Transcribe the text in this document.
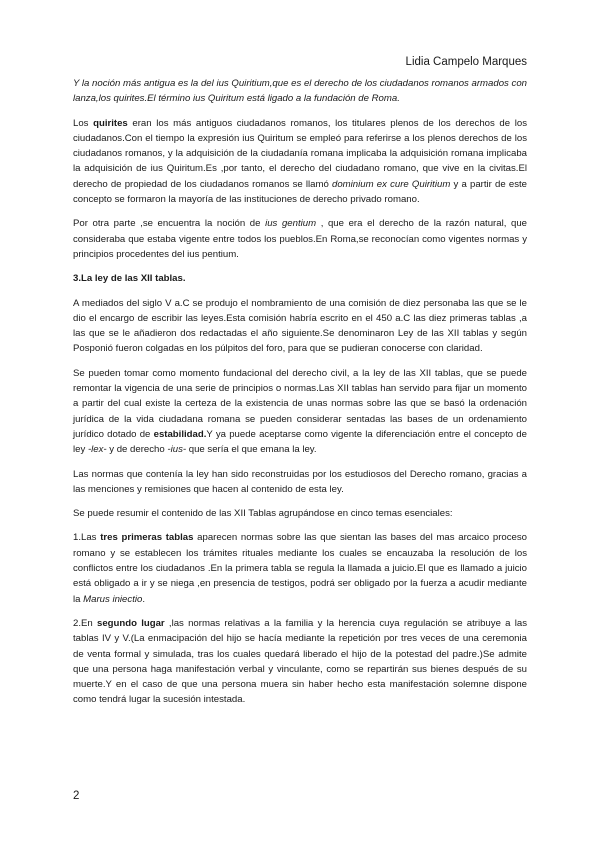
Lidia Campelo Marques

Y la noción más antigua es la del ius Quiritium,que es el derecho de los ciudadanos romanos armados con lanza,los quirites.El término ius Quiritum está ligado a la fundación de Roma.

Los quirites eran los más antiguos ciudadanos romanos, los titulares plenos de los derechos de los ciudadanos.Con el tiempo la expresión ius Quiritum se empleó para referirse a los plenos derechos de los ciudadanos romanos, y la adquisición de la ciudadanía romana implicaba la adquisición romana implicaba la adquisición de ius Quiritum.Es ,por tanto, el derecho del ciudadano romano, que vive en la civitas.El derecho de propiedad de los ciudadanos romanos se llamó dominium ex cure Quiritium y a partir de este concepto se formaron la mayoría de las instituciones de derecho privado romano.

Por otra parte ,se encuentra la noción de ius gentium , que era el derecho de la razón natural, que consideraba que estaba vigente entre todos los pueblos.En Roma,se reconocían como vigentes normas y principios procedentes del ius pentium.

3.La ley de las XII tablas.

A mediados del siglo V a.C se produjo el nombramiento de una comisión de diez personaba las que se le dio el encargo de escribir las leyes.Esta comisión habría escrito en el 450 a.C las diez primeras tablas ,a las que se le añadieron dos redactadas el año siguiente.Se denominaron Ley de las XII tablas y según Posponió fueron colgadas en los púlpitos del foro, para que se pudieran conocerse con claridad.

Se pueden tomar como momento fundacional del derecho civil, a la ley de las XII tablas, que se puede remontar la vigencia de una serie de principios o normas.Las XII tablas han servido para fijar un momento a partir del cual existe la certeza de la existencia de unas normas sobre las que se basó la ordenación jurídica de la vida ciudadana romana se pueden considerar sentadas las bases de un ordenamiento jurídico dotado de estabilidad.Y ya puede aceptarse como vigente la diferenciación entre el concepto de ley -lex- y de derecho -ius- que sería el que emana la ley.

Las normas que contenía la ley han sido reconstruidas por los estudiosos del Derecho romano, gracias a las menciones y remisiones que hacen al contenido de esta ley.

Se puede resumir el contenido de las XII Tablas agrupándose en cinco temas esenciales:

1.Las tres primeras tablas aparecen normas sobre las que sientan las bases del mas arcaico proceso romano y se establecen los trámites rituales mediante los cuales se encauzaba la resolución de los conflictos entre los ciudadanos .En la primera tabla se regula la llamada a juicio.El que es llamado a juicio está obligado a ir y se niega ,en presencia de testigos, podrá ser obligado por la fuerza a acudir mediante la Marus iniectio.

2.En segundo lugar ,las normas relativas a la familia y la herencia cuya regulación se atribuye a las tablas IV y V.(La enmacipación del hijo se hacía mediante la repetición por tres veces de una ceremonia de venta formal y simulada, tras los cuales quedará liberado el hijo de la potestad del padre.)Se admite que una persona haga manifestación verbal y vinculante, como se repartirán sus bienes después de su muerte.Y en el caso de que una persona muera sin haber hecho esta manifestación solemne dispone como tendrá lugar la sucesión intestada.

2
